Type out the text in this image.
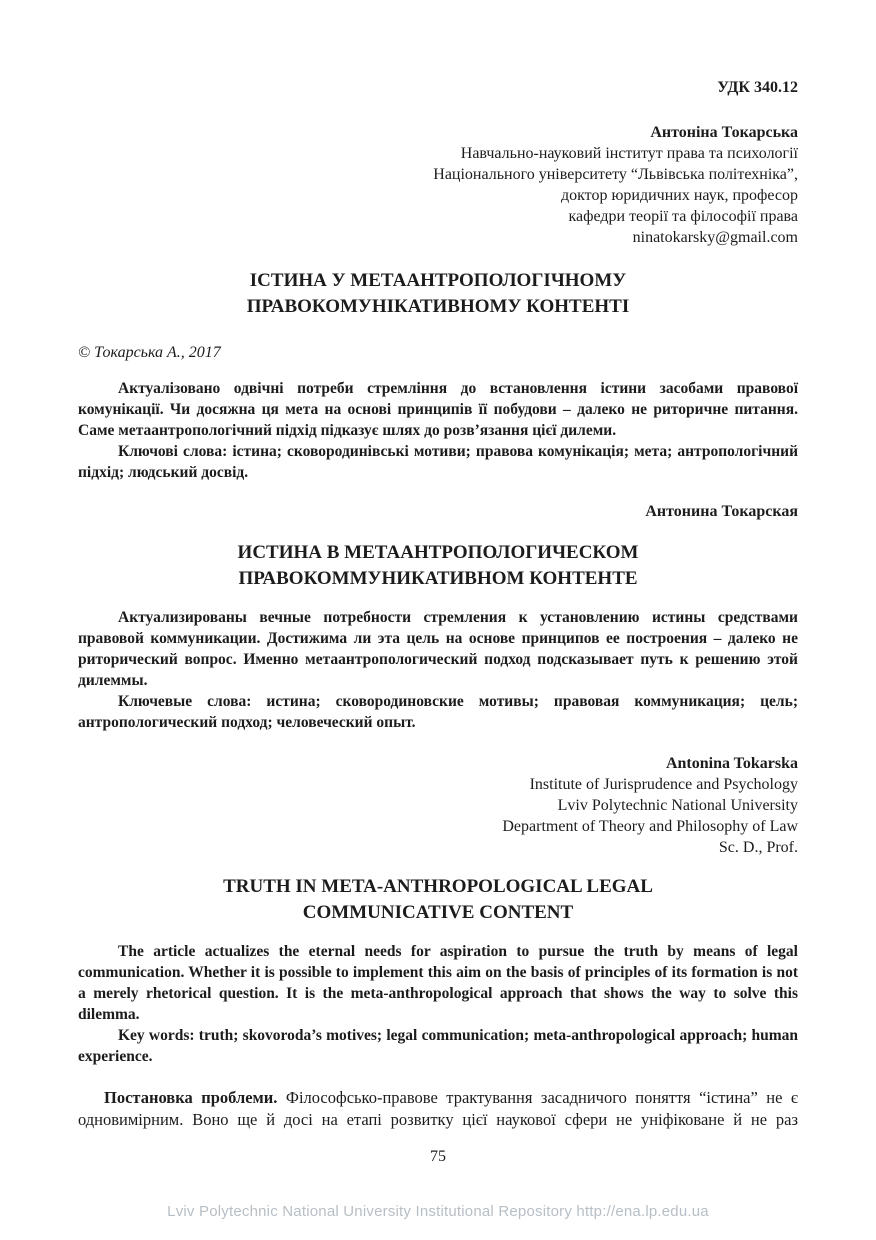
УДК 340.12
Антоніна Токарська
Навчально-науковий інститут права та психології
Національного університету “Львівська політехніка”,
доктор юридичних наук, професор
кафедри теорії та філософії права
ninatokarsky@gmail.com
ІСТИНА У МЕТААНТРОПОЛОГІЧНОМУ
ПРАВОКОМУНІКАТИВНОМУ КОНТЕНТІ
© Токарська А., 2017

Актуалізовано одвічні потреби стремління до встановлення істини засобами правової комунікації. Чи досяжна ця мета на основі принципів її побудови – далеко не риторичне питання. Саме метаантропологічний підхід підказує шлях до розв’язання цієї дилеми.

Ключові слова: істина; сковородинівські мотиви; правова комунікація; мета; антропологічний підхід; людський досвід.

Антонина Токарская
ИСТИНА В МЕТААНТРОПОЛОГИЧЕСКОМ
ПРАВОКОММУНИКАТИВНОМ КОНТЕНТЕ

Актуализированы вечные потребности стремления к установлению истины средствами правовой коммуникации. Достижима ли эта цель на основе принципов ее построения – далеко не риторический вопрос. Именно метаантропологический подход подсказывает путь к решению этой дилеммы.

Ключевые слова: истина; сковородиновские мотивы; правовая коммуникация; цель; антропологический подход; человеческий опыт.

Antonina Tokarska
Institute of Jurisprudence and Psychology
Lviv Polytechnic National University
Department of Theory and Philosophy of Law
Sc. D., Prof.
TRUTH IN META-ANTHROPOLOGICAL LEGAL
COMMUNICATIVE CONTENT

The article actualizes the eternal needs for aspiration to pursue the truth by means of legal communication. Whether it is possible to implement this aim on the basis of principles of its formation is not a merely rhetorical question. It is the meta-anthropological approach that shows the way to solve this dilemma.

Key words: truth; skovoroda’s motives; legal communication; meta-anthropological approach; human experience.

Постановка проблеми. Філософсько-правове трактування засадничого поняття “істина” не є одновимірним. Воно ще й досі на етапі розвитку цієї наукової сфери не уніфіковане й не раз

75
Lviv Polytechnic National University Institutional Repository http://ena.lp.edu.ua
